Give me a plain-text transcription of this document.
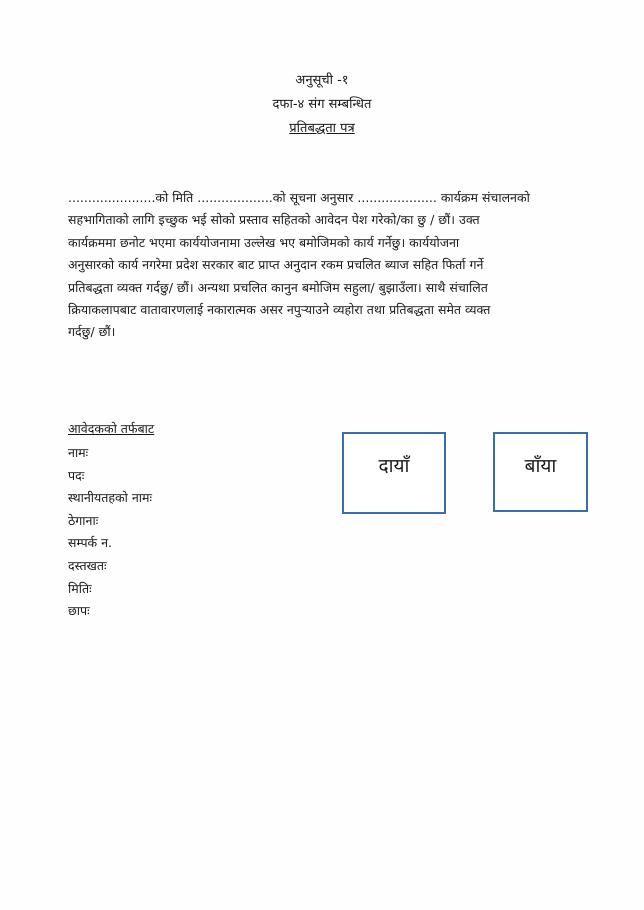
अनुसूची -१
दफा-४ संग सम्बन्धित
प्रतिबद्धता पत्र
......................को मिति ...................को सूचना अनुसार .................... कार्यक्रम संचालनको
सहभागिताको लागि इच्छुक भई सोको प्रस्ताव सहितको आवेदन पेश गरेको/का छु / छौं। उक्त
कार्यक्रममा छनोट भएमा कार्ययोजनामा उल्लेख भए बमोजिमको कार्य गर्नेछु। कार्ययोजना
अनुसारको कार्य नगरेमा प्रदेश सरकार बाट प्राप्त अनुदान रकम प्रचलित ब्याज सहित फिर्ता गर्ने
प्रतिबद्धता व्यक्त गर्दछु/ छौं। अन्यथा प्रचलित कानुन बमोजिम सहुला/ बुझाउँला। साथै संचालित
क्रियाकलापबाट वातावारणलाई नकारात्मक असर नपुऱ्याउने व्यहोरा तथा प्रतिबद्धता समेत व्यक्त
गर्दछु/ छौं।
आवेदकको तर्फबाट
नामः
पदः
स्थानीयतहको नामः
ठेगानाः
सम्पर्क न.
दस्तखतः
मितिः
छापः
दायाँ	बाँया
